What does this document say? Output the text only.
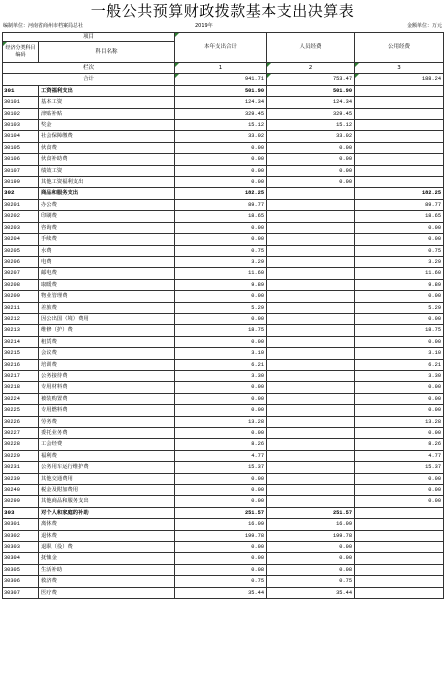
一般公共预算财政拨款基本支出决算表
编制单位：河南省商州市档案局总社	2019年	金额单位：万元
项目		本年支出合计	人员经费	公用经费
经济分类科目编码	科目名称			
栏次		1	2	3
合计		941.71	753.47	188.24
301	工资福利支出	501.90	501.90	
30101	基本工资	124.34	124.34	
30102	津贴补贴	329.45	329.45	
30103	奖金	15.12	15.12	
30104	社会保障缴费	33.02	33.02	
30105	伙食费	0.00	0.00	
30106	伙食补助费	0.00	0.00	
30107	绩效工资	0.00	0.00	
30199	其他工资福利支出	0.00	0.00	
302	商品和服务支出	182.25		182.25
30201	办公费	89.77		89.77
30202	印刷费	18.65		18.65
30203	咨询费	0.00		0.00
30204	手续费	0.00		0.00
30205	水费	0.75		0.75
30206	电费	3.29		3.29
30207	邮电费	11.60		11.60
30208	取暖费	9.89		9.89
30209	物业管理费	0.00		0.00
30211	差旅费	5.29		5.29
30212	因公出国（境）费用	0.00		0.00
30213	维修（护）费	18.75		18.75
30214	租赁费	0.00		0.00
30215	会议费	3.10		3.10
30216	培训费	6.21		6.21
30217	公务接待费	3.30		3.30
30218	专用材料费	0.00		0.00
30224	被装购置费	0.00		0.00
30225	专用燃料费	0.00		0.00
30226	劳务费	13.28		13.28
30227	委托业务费	0.00		0.00
30228	工会经费	8.26		8.26
30229	福利费	4.77		4.77
30231	公务用车运行维护费	15.37		15.37
30239	其他交通费用	0.00		0.00
30240	税金及附加费用	0.00		0.00
30299	其他商品和服务支出	0.00		0.00
303	对个人和家庭的补助	251.57	251.57	
30301	离休费	16.09	16.09	
30302	退休费	199.78	199.78	
30303	退职（役）费	0.00	0.00	
30304	抚恤金	0.00	0.00	
30305	生活补助	0.08	0.08	
30306	救济费	0.75	0.75	
30307	医疗费	35.44	35.44	
